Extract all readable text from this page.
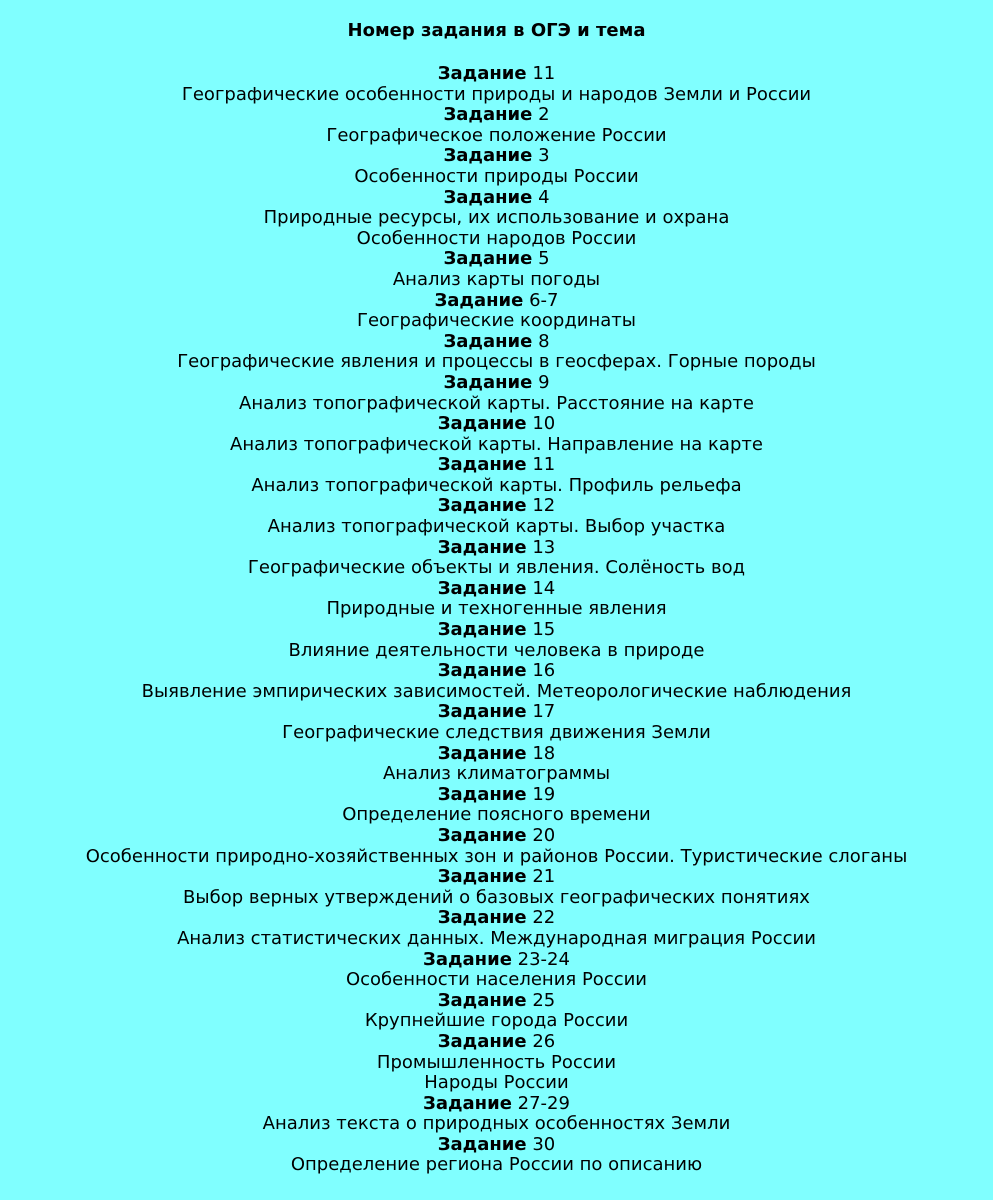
Номер задания в ОГЭ и тема
Задание 11
Географические особенности природы и народов Земли и России
Задание 2
Географическое положение России
Задание 3
Особенности природы России
Задание 4
Природные ресурсы, их использование и охрана
Особенности народов России
Задание 5
Анализ карты погоды
Задание 6-7
Географические координаты
Задание 8
Географические явления и процессы в геосферах. Горные породы
Задание 9
Анализ топографической карты. Расстояние на карте
Задание 10
Анализ топографической карты. Направление на карте
Задание 11
Анализ топографической карты. Профиль рельефа
Задание 12
Анализ топографической карты. Выбор участка
Задание 13
Географические объекты и явления. Солёность вод
Задание 14
Природные и техногенные явления
Задание 15
Влияние деятельности человека в природе
Задание 16
Выявление эмпирических зависимостей. Метеорологические наблюдения
Задание 17
Географические следствия движения Земли
Задание 18
Анализ климатограммы
Задание 19
Определение поясного времени
Задание 20
Особенности природно-хозяйственных зон и районов России. Туристические слоганы
Задание 21
Выбор верных утверждений о базовых географических понятиях
Задание 22
Анализ статистических данных. Международная миграция России
Задание 23-24
Особенности населения России
Задание 25
Крупнейшие города России
Задание 26
Промышленность России
Народы России
Задание 27-29
Анализ текста о природных особенностях Земли
Задание 30
Определение региона России по описанию
